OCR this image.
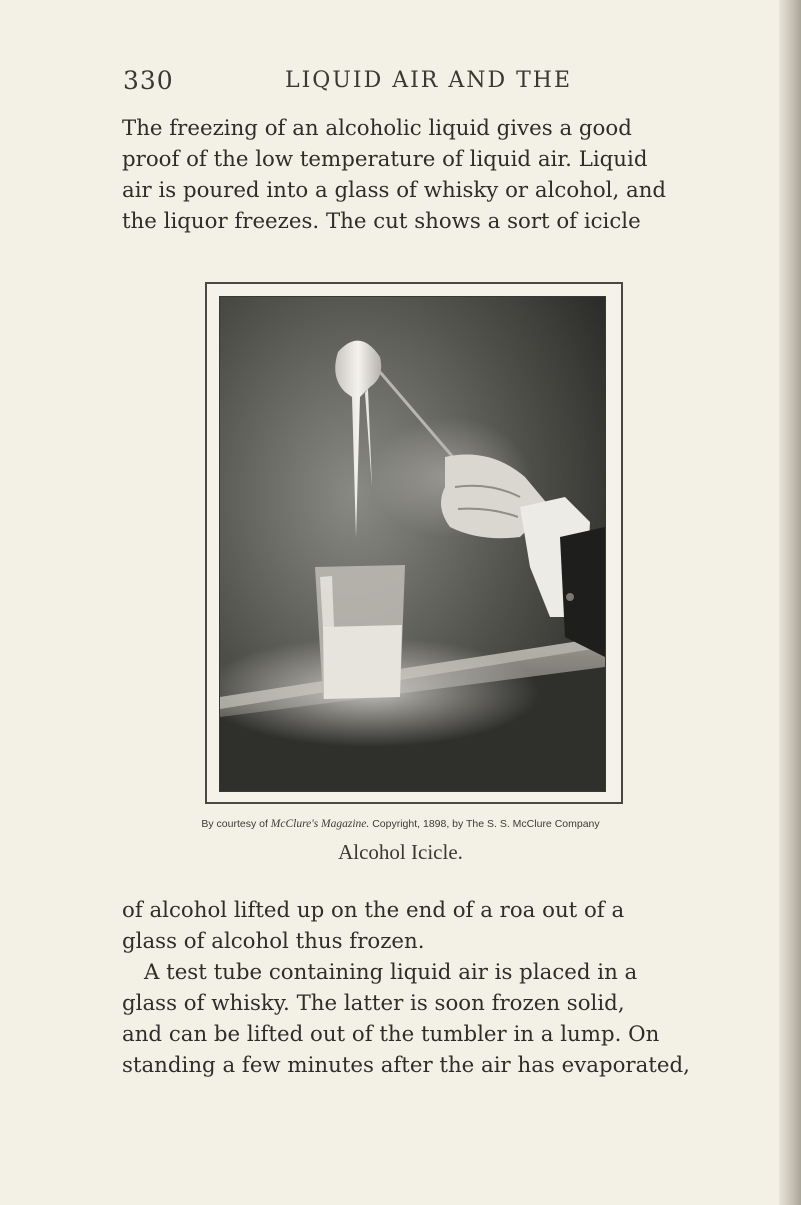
330	LIQUID AIR AND THE

The freezing of an alcoholic liquid gives a good
proof of the low temperature of liquid air. Liquid
air is poured into a glass of whisky or alcohol, and
the liquor freezes. The cut shows a sort of icicle

By courtesy of McClure's Magazine. Copyright, 1898, by The S. S. McClure Company
Alcohol Icicle.

of alcohol lifted up on the end of a roa out of a
glass of alcohol thus frozen.

A test tube containing liquid air is placed in a
glass of whisky. The latter is soon frozen solid,
and can be lifted out of the tumbler in a lump. On
standing a few minutes after the air has evaporated,
